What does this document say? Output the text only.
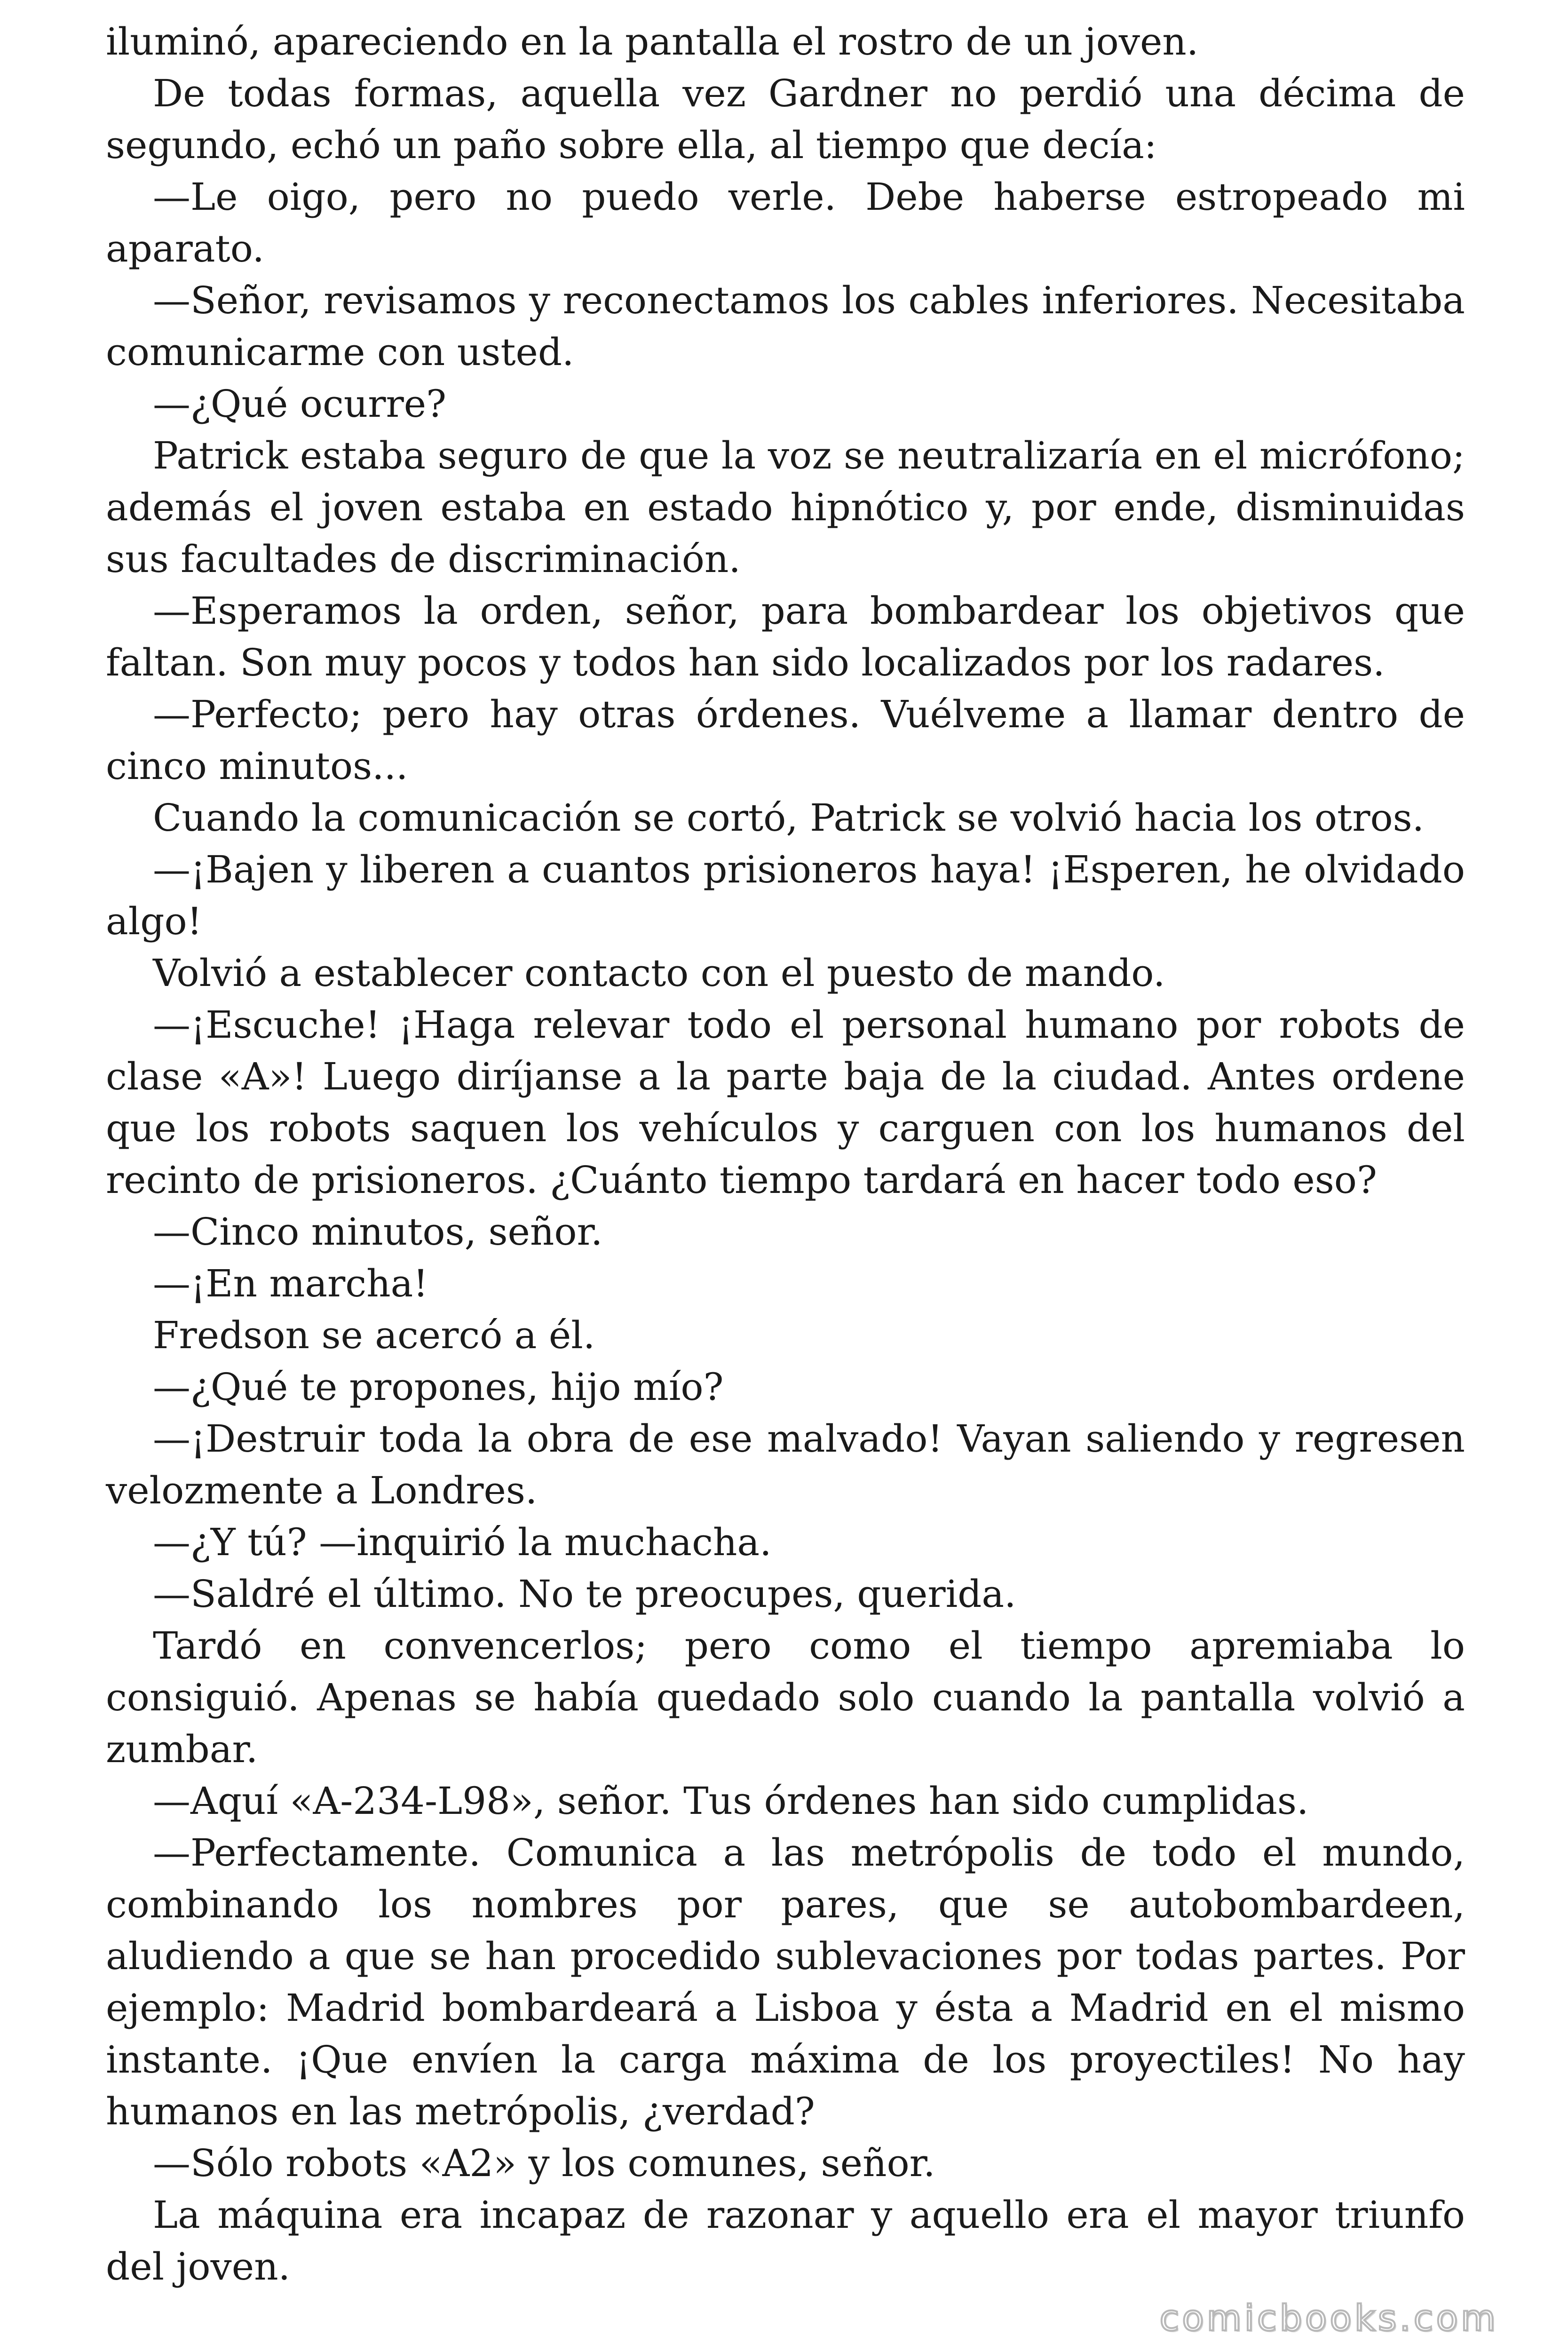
iluminó, apareciendo en la pantalla el rostro de un joven.

De todas formas, aquella vez Gardner no perdió una décima de segundo, echó un paño sobre ella, al tiempo que decía:

—Le oigo, pero no puedo verle. Debe haberse estropeado mi aparato.

—Señor, revisamos y reconectamos los cables inferiores. Necesitaba comunicarme con usted.

—¿Qué ocurre?

Patrick estaba seguro de que la voz se neutralizaría en el micrófono; además el joven estaba en estado hipnótico y, por ende, disminuidas sus facultades de discriminación.

—Esperamos la orden, señor, para bombardear los objetivos que faltan. Son muy pocos y todos han sido localizados por los radares.

—Perfecto; pero hay otras órdenes. Vuélveme a llamar dentro de cinco minutos...

Cuando la comunicación se cortó, Patrick se volvió hacia los otros.

—¡Bajen y liberen a cuantos prisioneros haya! ¡Esperen, he olvidado algo!

Volvió a establecer contacto con el puesto de mando.

—¡Escuche! ¡Haga relevar todo el personal humano por robots de clase «A»! Luego diríjanse a la parte baja de la ciudad. Antes ordene que los robots saquen los vehículos y carguen con los humanos del recinto de prisioneros. ¿Cuánto tiempo tardará en hacer todo eso?

—Cinco minutos, señor.

—¡En marcha!

Fredson se acercó a él.

—¿Qué te propones, hijo mío?

—¡Destruir toda la obra de ese malvado! Vayan saliendo y regresen velozmente a Londres.

—¿Y tú? —inquirió la muchacha.

—Saldré el último. No te preocupes, querida.

Tardó en convencerlos; pero como el tiempo apremiaba lo consiguió. Apenas se había quedado solo cuando la pantalla volvió a zumbar.

—Aquí «A-234-L98», señor. Tus órdenes han sido cumplidas.

—Perfectamente. Comunica a las metrópolis de todo el mundo, combinando los nombres por pares, que se autobombardeen, aludiendo a que se han procedido sublevaciones por todas partes. Por ejemplo: Madrid bombardeará a Lisboa y ésta a Madrid en el mismo instante. ¡Que envíen la carga máxima de los proyectiles! No hay humanos en las metrópolis, ¿verdad?

—Sólo robots «A2» y los comunes, señor.

La máquina era incapaz de razonar y aquello era el mayor triunfo del joven.

comicbooks.com
